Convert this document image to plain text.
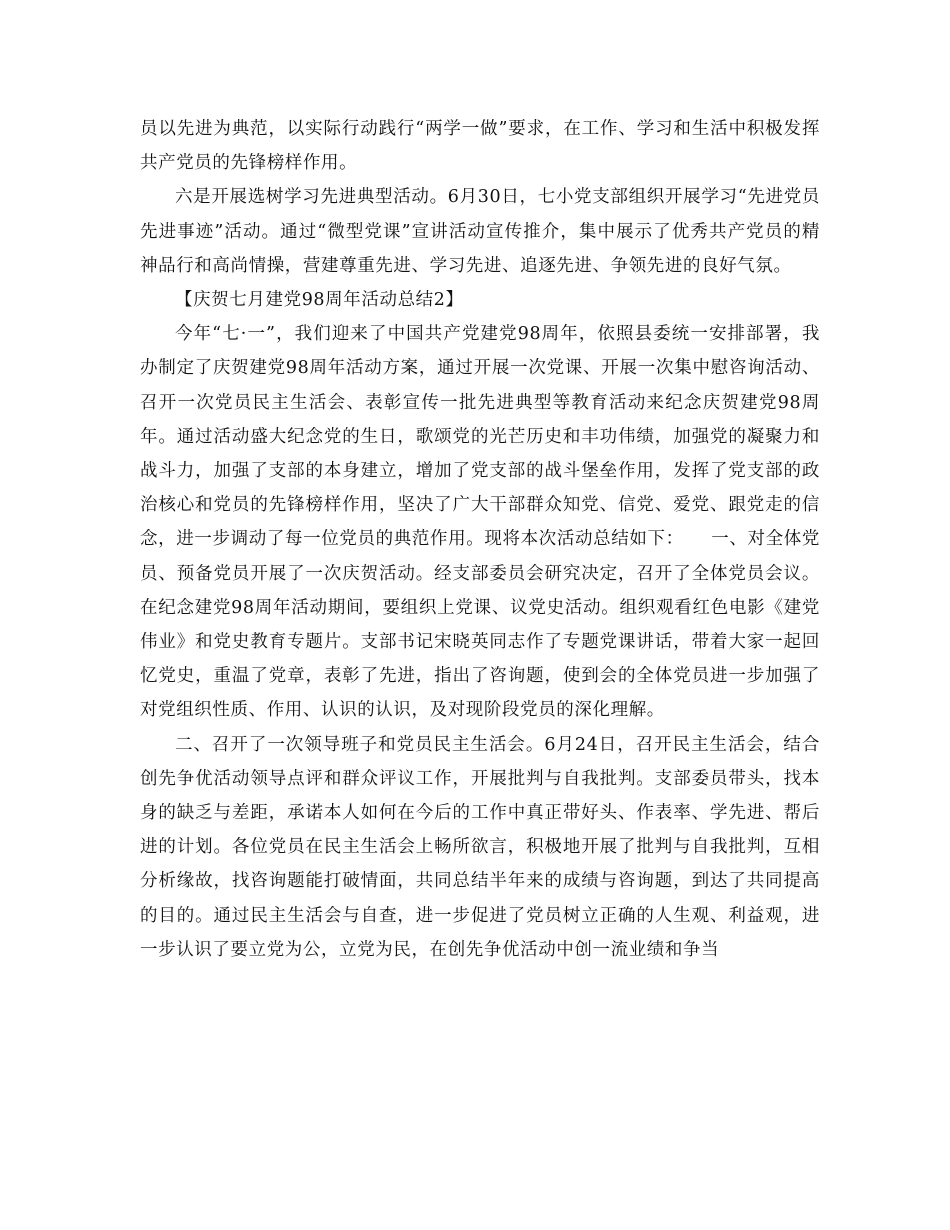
员以先进为典范，以实际行动践行“两学一做”要求，在工作、学习和生活中积极发挥共产党员的先锋榜样作用。

六是开展选树学习先进典型活动。6月30日，七小党支部组织开展学习“先进党员先进事迹”活动。通过“微型党课”宣讲活动宣传推介，集中展示了优秀共产党员的精神品行和高尚情操，营建尊重先进、学习先进、追逐先进、争领先进的良好气氛。

【庆贺七月建党98周年活动总结2】

今年“七·一”，我们迎来了中国共产党建党98周年，依照县委统一安排部署，我办制定了庆贺建党98周年活动方案，通过开展一次党课、开展一次集中慰咨询活动、召开一次党员民主生活会、表彰宣传一批先进典型等教育活动来纪念庆贺建党98周年。通过活动盛大纪念党的生日，歌颂党的光芒历史和丰功伟绩，加强党的凝聚力和战斗力，加强了支部的本身建立，增加了党支部的战斗堡垒作用，发挥了党支部的政治核心和党员的先锋榜样作用，坚决了广大干部群众知党、信党、爱党、跟党走的信念，进一步调动了每一位党员的典范作用。现将本次活动总结如下：　　一、对全体党员、预备党员开展了一次庆贺活动。经支部委员会研究决定，召开了全体党员会议。在纪念建党98周年活动期间，要组织上党课、议党史活动。组织观看红色电影《建党伟业》和党史教育专题片。支部书记宋晓英同志作了专题党课讲话，带着大家一起回忆党史，重温了党章，表彰了先进，指出了咨询题，使到会的全体党员进一步加强了对党组织性质、作用、认识的认识，及对现阶段党员的深化理解。

二、召开了一次领导班子和党员民主生活会。6月24日，召开民主生活会，结合创先争优活动领导点评和群众评议工作，开展批判与自我批判。支部委员带头，找本身的缺乏与差距，承诺本人如何在今后的工作中真正带好头、作表率、学先进、帮后进的计划。各位党员在民主生活会上畅所欲言，积极地开展了批判与自我批判，互相分析缘故，找咨询题能打破情面，共同总结半年来的成绩与咨询题，到达了共同提高的目的。通过民主生活会与自查，进一步促进了党员树立正确的人生观、利益观，进一步认识了要立党为公，立党为民，在创先争优活动中创一流业绩和争当
